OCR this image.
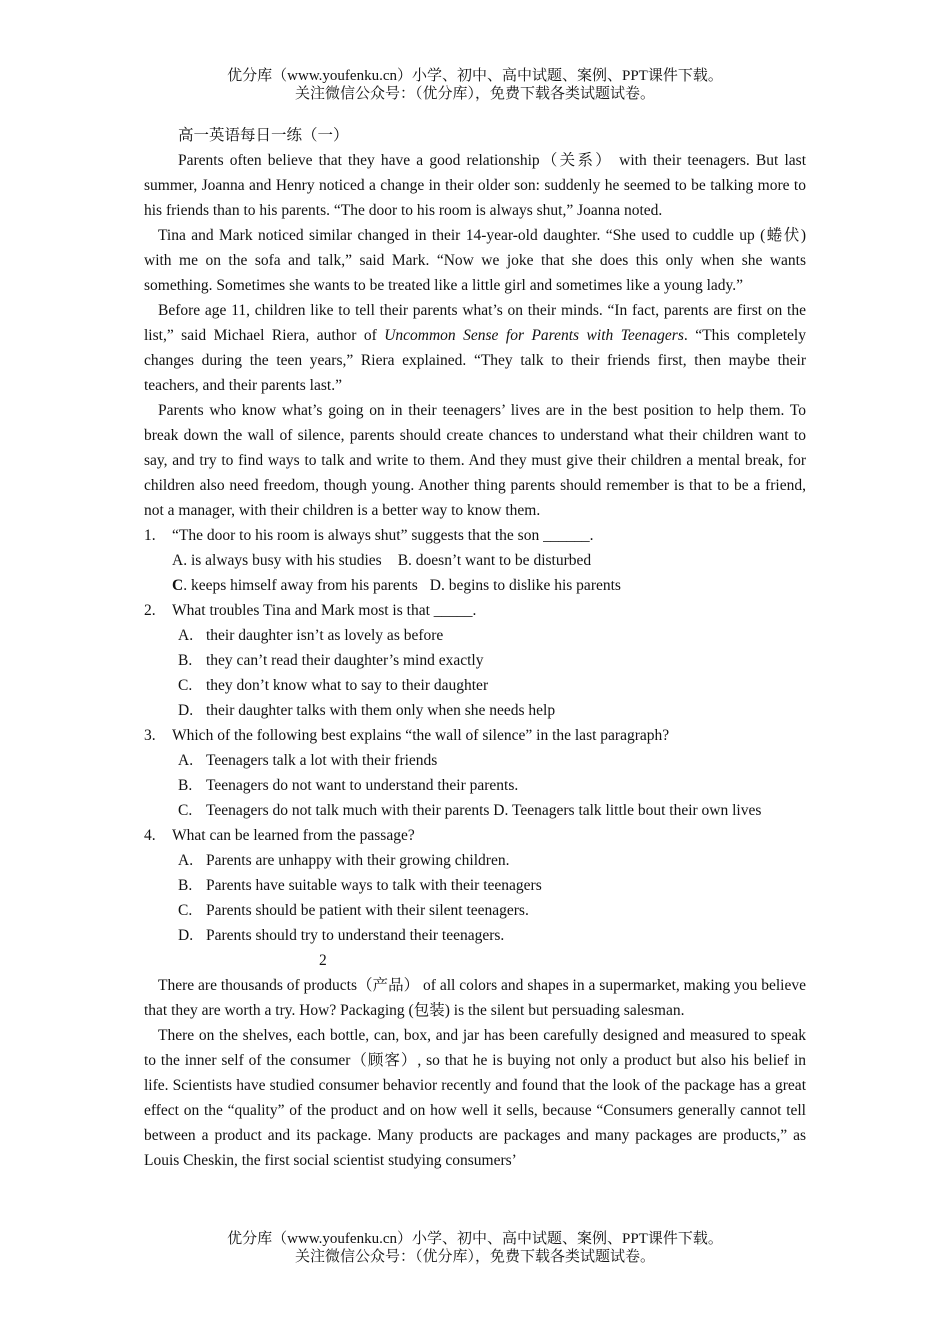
优分库（www.youfenku.cn）小学、初中、高中试题、案例、PPT课件下载。
关注微信公众号：（优分库），免费下载各类试题试卷。
高一英语每日一练（一）
Parents often believe that they have a good relationship（关系） with their teenagers. But last summer, Joanna and Henry noticed a change in their older son: suddenly he seemed to be talking more to his friends than to his parents. “The door to his room is always shut,” Joanna noted.
Tina and Mark noticed similar changed in their 14-year-old daughter. “She used to cuddle up (蜷伏) with me on the sofa and talk,” said Mark. “Now we joke that she does this only when she wants something. Sometimes she wants to be treated like a little girl and sometimes like a young lady.”
Before age 11, children like to tell their parents what’s on their minds. “In fact, parents are first on the list,” said Michael Riera, author of Uncommon Sense for Parents with Teenagers. “This completely changes during the teen years,” Riera explained. “They talk to their friends first, then maybe their teachers, and their parents last.”
Parents who know what’s going on in their teenagers’ lives are in the best position to help them. To break down the wall of silence, parents should create chances to understand what their children want to say, and try to find ways to talk and write to them. And they must give their children a mental break, for children also need freedom, though young. Another thing parents should remember is that to be a friend, not a manager, with their children is a better way to know them.
1. “The door to his room is always shut” suggests that the son ______.
A. is always busy with his studies B. doesn’t want to be disturbed
C. keeps himself away from his parents D. begins to dislike his parents
2. What troubles Tina and Mark most is that _____.
A. their daughter isn’t as lovely as before
B. they can’t read their daughter’s mind exactly
C. they don’t know what to say to their daughter
D. their daughter talks with them only when she needs help
3. Which of the following best explains “the wall of silence” in the last paragraph?
A. Teenagers talk a lot with their friends
B. Teenagers do not want to understand their parents.
C. Teenagers do not talk much with their parents D. Teenagers talk little bout their own lives
4. What can be learned from the passage?
A. Parents are unhappy with their growing children.
B. Parents have suitable ways to talk with their teenagers
C. Parents should be patient with their silent teenagers.
D. Parents should try to understand their teenagers.
2
There are thousands of products（产品） of all colors and shapes in a supermarket, making you believe that they are worth a try. How? Packaging (包装) is the silent but persuading salesman.
There on the shelves, each bottle, can, box, and jar has been carefully designed and measured to speak to the inner self of the consumer（顾客）, so that he is buying not only a product but also his belief in life. Scientists have studied consumer behavior recently and found that the look of the package has a great effect on the “quality” of the product and on how well it sells, because “Consumers generally cannot tell between a product and its package. Many products are packages and many packages are products,” as Louis Cheskin, the first social scientist studying consumers’
优分库（www.youfenku.cn）小学、初中、高中试题、案例、PPT课件下载。
关注微信公众号：（优分库），免费下载各类试题试卷。
